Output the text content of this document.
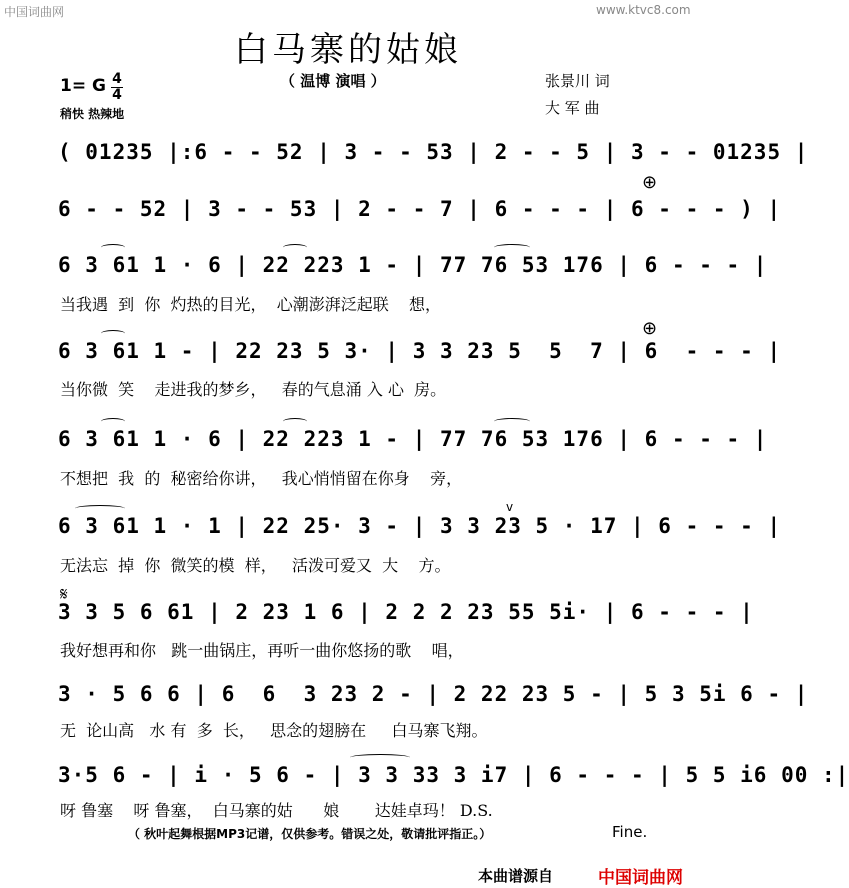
中国词曲网	www.ktvc8.com
白马寨的姑娘
（ 温博 演唱 ）	张景川 词
大 军 曲
1= G 4
4
稍快 热辣地
( 01235 |:6 - - 52 | 3 - - 53 | 2 - - 5 | 3 - - 01235 |
⊕
6 - - 52 | 3 - - 53 | 2 - - 7 | 6 - - - | 6 - - - ) |
6 3 61 1 · 6 | 22 223 1 - | 77 76 53 176 | 6 - - - |
当我遇  到  你  灼热的目光，  心潮澎湃泛起联    想，
⊕
6 3 61 1 - | 22 23 5 3· | 3 3 23 5  5  7 | 6  - - - |
当你微  笑    走进我的梦乡，   春的气息涌 入 心  房。
6 3 61 1 · 6 | 22 223 1 - | 77 76 53 176 | 6 - - - |
不想把  我  的  秘密给你讲，   我心悄悄留在你身    旁，
v
6 3 61 1 · 1 | 22 25· 3 - | 3 3 23 5 · 17 | 6 - - - |
无法忘  掉  你  微笑的模  样，   活泼可爱又  大    方。
𝄋
3 3 5 6 61 | 2 23 1 6 | 2 2 2 23 55 5i· | 6 - - - |
我好想再和你   跳一曲锅庄，再听一曲你悠扬的歌    唱，
3 · 5 6 6 | 6  6  3 23 2 - | 2 22 23 5 - | 5 3 5i 6 - |
无  论山高   水 有  多  长，   思念的翅膀在     白马寨飞翔。
3·5 6 - | i · 5 6 - | 3 3 33 3 i7 | 6 - - - | 5 5 i6 00 :|
呀 鲁塞    呀 鲁塞，  白马寨的姑      娘       达娃卓玛！ D.S.
（ 秋叶起舞根据MP3记谱，仅供参考。错误之处，敬请批评指正。）	Fine.
本曲谱源自	中国词曲网
